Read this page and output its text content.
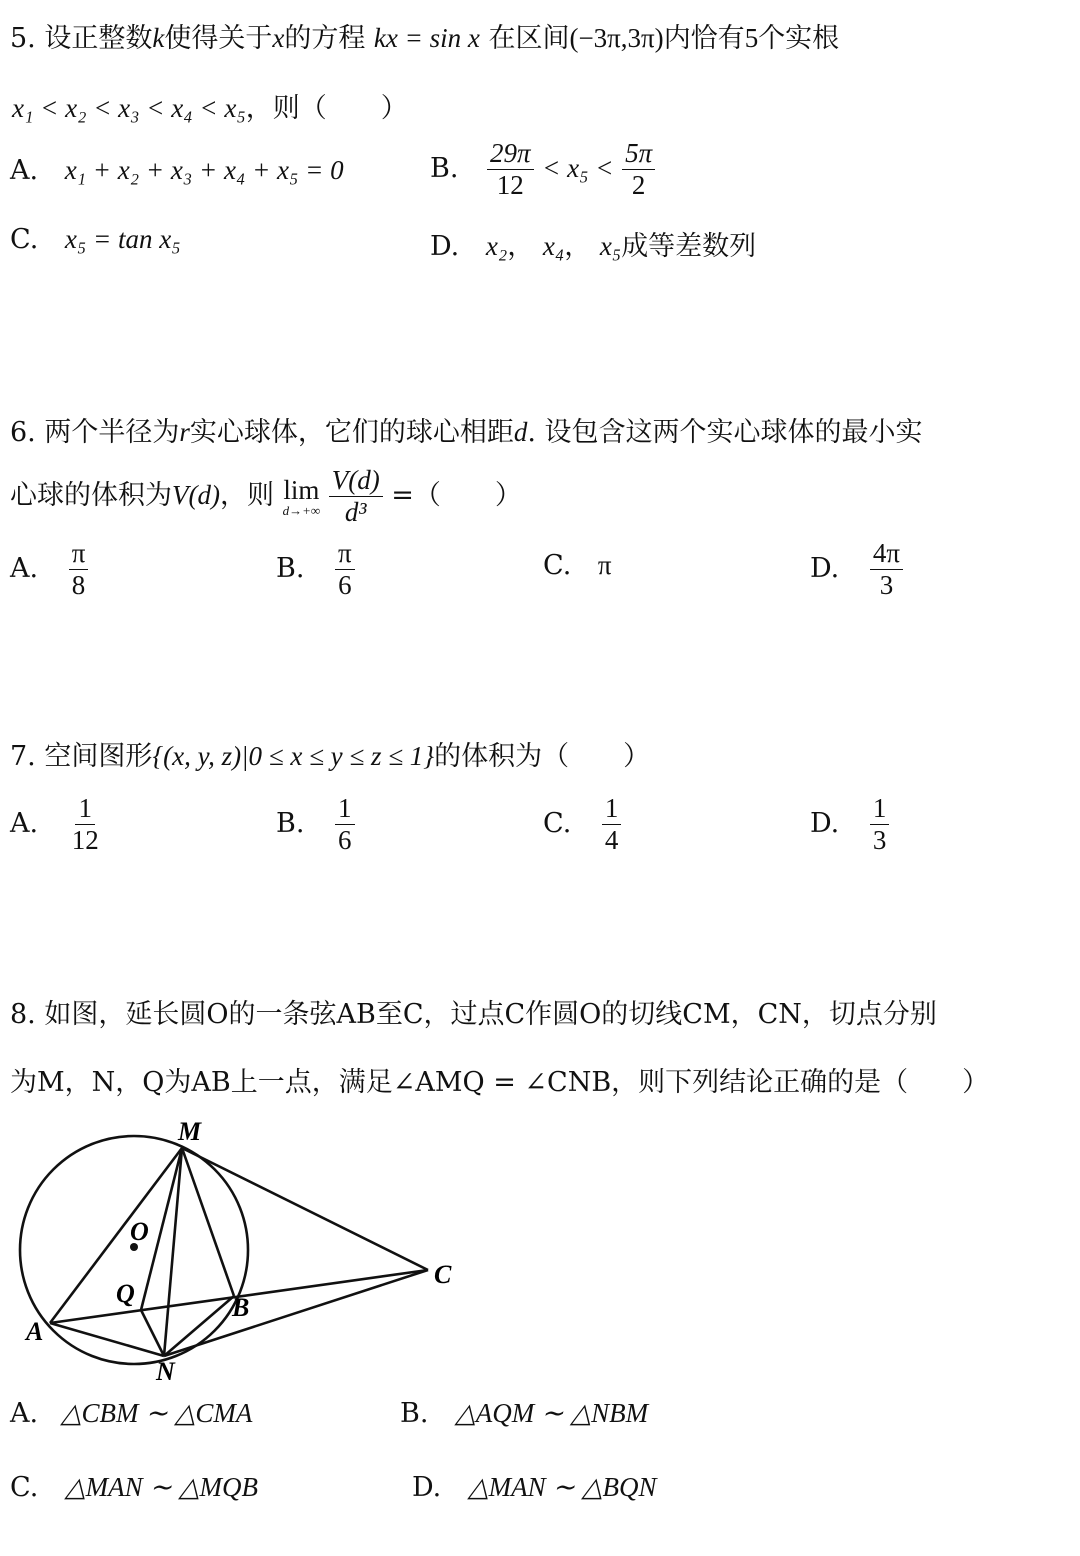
5. 设正整数k使得关于x的方程 kx = sin x 在区间(−3π,3π)内恰有5个实根
x₁ < x₂ < x₃ < x₄ < x₅，则（　　）
A. x₁ + x₂ + x₃ + x₄ + x₅ = 0	B. $\frac{29\pi}{12} < x_5 < \frac{5\pi}{2}$
C. x₅ = tan x₅	D. x₂， x₄， x₅成等差数列
6. 两个半径为r实心球体，它们的球心相距d. 设包含这两个实心球体的最小实
心球的体积为V(d)，则 lim
d→+∞
$\frac{V(d)}{\text{d³}}$ =（　　）
A. $\frac{\pi}{8}$	B. $\frac{\pi}{6}$	C. π	D. $\frac{4\pi}{3}$
7. 空间图形{(x, y, z)|0 ≤ x ≤ y ≤ z ≤ 1}的体积为（　　）
A. $\frac{1}{12}$	B. $\frac{1}{6}$	C. $\frac{1}{4}$	D. $\frac{1}{3}$
8. 如图，延长圆O的一条弦AB至C，过点C作圆O的切线CM，CN，切点分别
为M，N，Q为AB上一点，满足∠AMQ = ∠CNB，则下列结论正确的是（　　）
M
O
Q
A
B
C
N
A. △CBM ∼ △CMA	B. △AQM ∼ △NBM
C. △MAN ∼ △MQB	D. △MAN ∼ △BQN
